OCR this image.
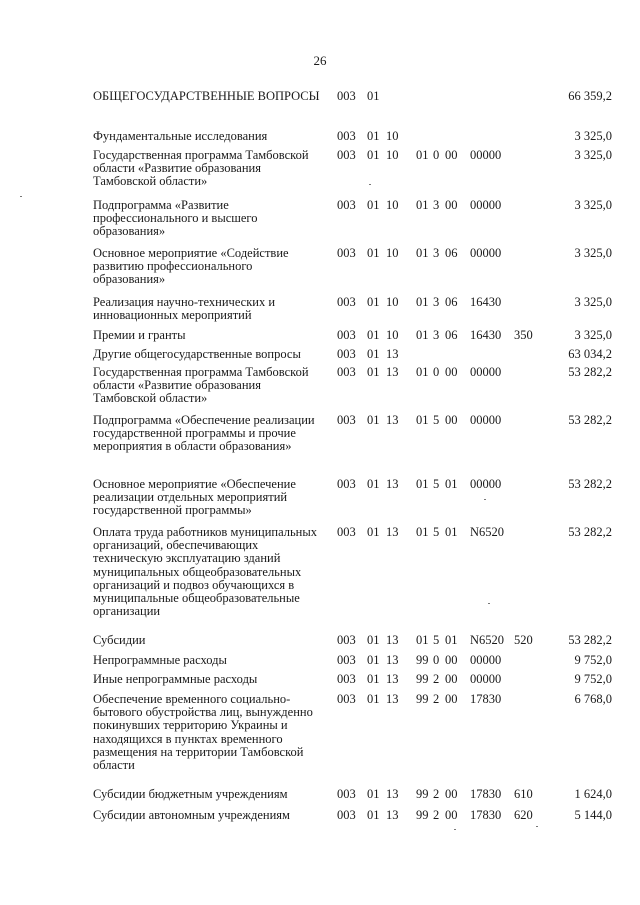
26
ОБЩЕГОСУДАРСТВЕННЫЕ ВОПРОСЫ	003 01	66 359,2
Фундаментальные исследования	003 01 10	3 325,0
Государственная программа Тамбовской области «Развитие образования Тамбовской области»
003 01 10 01 0 00 00000	3 325,0
Подпрограмма «Развитие профессионального и высшего образования»
003 01 10 01 3 00 00000	3 325,0
Основное мероприятие «Содействие развитию профессионального образования»
003 01 10 01 3 06 00000	3 325,0
Реализация научно-технических и инновационных мероприятий
003 01 10 01 3 06 16430	3 325,0
Премии и гранты	003 01 10 01 3 06 16430 350	3 325,0
Другие общегосударственные вопросы	003 01 13	63 034,2
Государственная программа Тамбовской области «Развитие образования Тамбовской области»
003 01 13 01 0 00 00000	53 282,2
Подпрограмма «Обеспечение реализации государственной программы и прочие мероприятия в области образования»
003 01 13 01 5 00 00000	53 282,2
Основное мероприятие «Обеспечение реализации отдельных мероприятий государственной программы»
003 01 13 01 5 01 00000	53 282,2
Оплата труда работников муниципальных организаций, обеспечивающих техническую эксплуатацию зданий муниципальных общеобразовательных организаций и подвоз обучающихся в муниципальные общеобразовательные организации
003 01 13 01 5 01 N6520	53 282,2
Субсидии	003 01 13 01 5 01 N6520 520	53 282,2
Непрограммные расходы	003 01 13 99 0 00 00000	9 752,0
Иные непрограммные расходы	003 01 13 99 2 00 00000	9 752,0
Обеспечение временного социально-бытового обустройства лиц, вынужденно покинувших территорию Украины и находящихся в пунктах временного размещения на территории Тамбовской области
003 01 13 99 2 00 17830	6 768,0
Субсидии бюджетным учреждениям	003 01 13 99 2 00 17830 610	1 624,0
Субсидии автономным учреждениям	003 01 13 99 2 00 17830 620	5 144,0
